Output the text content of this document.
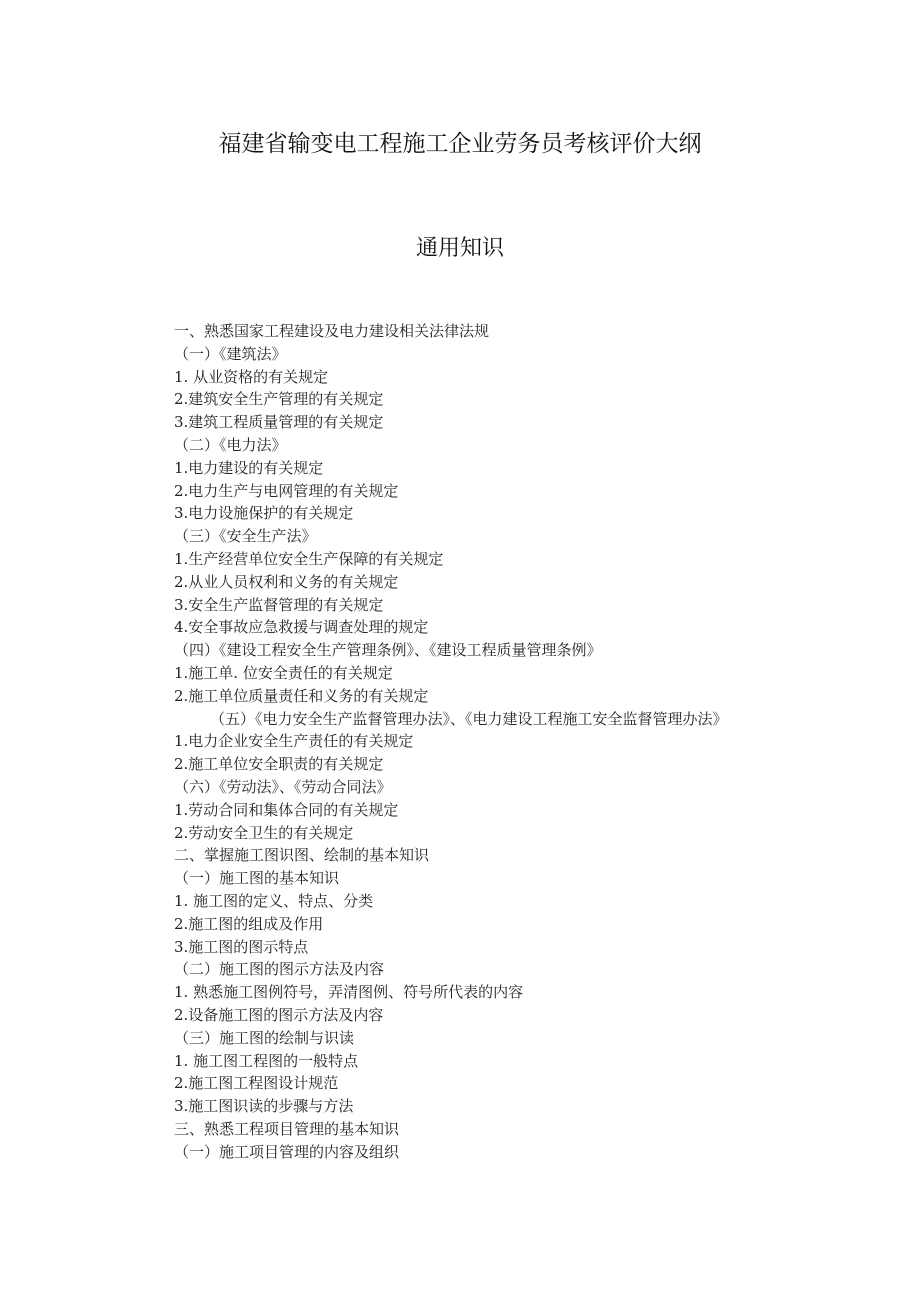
福建省输变电工程施工企业劳务员考核评价大纲
通用知识
一、熟悉国家工程建设及电力建设相关法律法规
（一）《建筑法》
1. 从业资格的有关规定
2.建筑安全生产管理的有关规定
3.建筑工程质量管理的有关规定
（二）《电力法》
1.电力建设的有关规定
2.电力生产与电网管理的有关规定
3.电力设施保护的有关规定
（三）《安全生产法》
1.生产经营单位安全生产保障的有关规定
2.从业人员权利和义务的有关规定
3.安全生产监督管理的有关规定
4.安全事故应急救援与调查处理的规定
（四）《建设工程安全生产管理条例》、《建设工程质量管理条例》
1.施工单. 位安全责任的有关规定
2.施工单位质量责任和义务的有关规定
（五）《电力安全生产监督管理办法》、《电力建设工程施工安全监督管理办法》
1.电力企业安全生产责任的有关规定
2.施工单位安全职责的有关规定
（六）《劳动法》、《劳动合同法》
1.劳动合同和集体合同的有关规定
2.劳动安全卫生的有关规定
二、掌握施工图识图、绘制的基本知识
（一）施工图的基本知识
1. 施工图的定义、特点、分类
2.施工图的组成及作用
3.施工图的图示特点
（二）施工图的图示方法及内容
1. 熟悉施工图例符号，弄清图例、符号所代表的内容
2.设备施工图的图示方法及内容
（三）施工图的绘制与识读
1. 施工图工程图的一般特点
2.施工图工程图设计规范
3.施工图识读的步骤与方法
三、熟悉工程项目管理的基本知识
（一）施工项目管理的内容及组织
